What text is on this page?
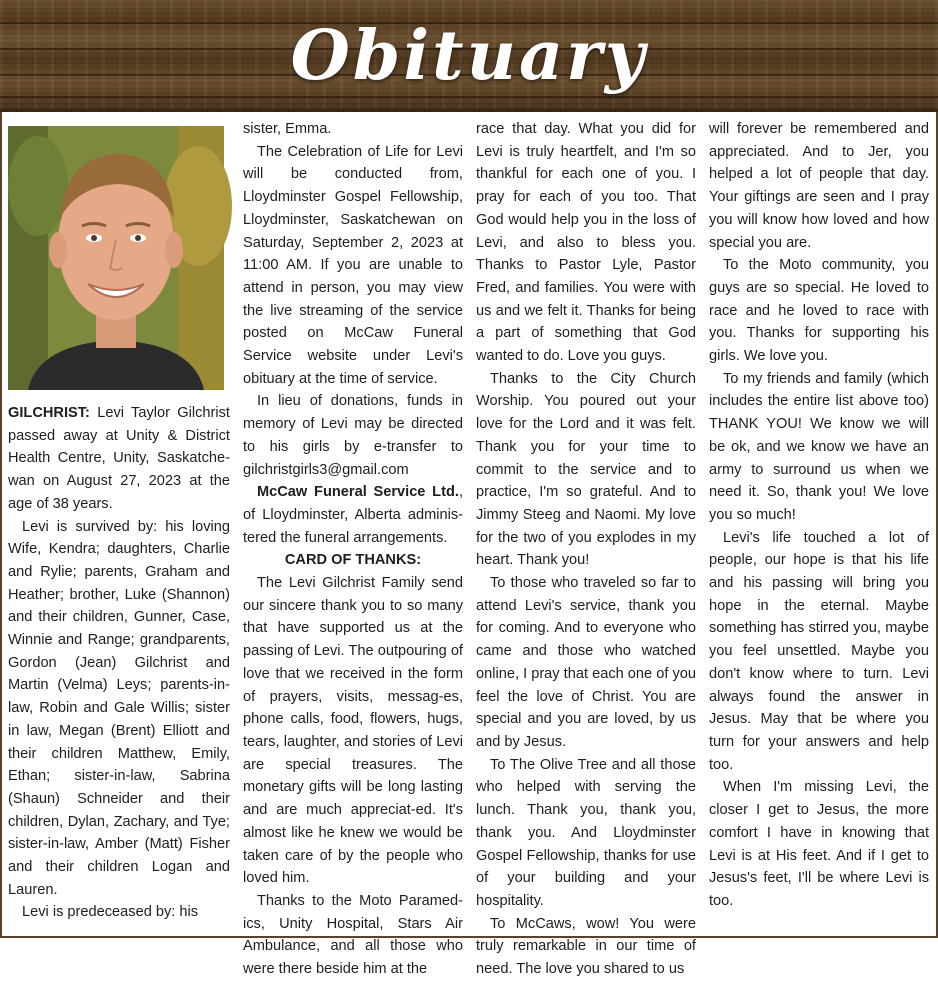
Obituary

GILCHRIST: Levi Taylor Gilchrist passed away at Unity & District Health Centre, Unity, Saskatche-wan on August 27, 2023 at the age of 38 years.

Levi is survived by: his loving Wife, Kendra; daughters, Charlie and Rylie; parents, Graham and Heather; brother, Luke (Shannon) and their children, Gunner, Case, Winnie and Range; grandparents, Gordon (Jean) Gilchrist and Martin (Velma) Leys; parents-in-law, Robin and Gale Willis; sister in law, Megan (Brent) Elliott and their children Matthew, Emily, Ethan; sister-in-law, Sabrina (Shaun) Schneider and their children, Dylan, Zachary, and Tye; sister-in-law, Amber (Matt) Fisher and their children Logan and Lauren.

Levi is predeceased by: his

sister, Emma.

The Celebration of Life for Levi will be conducted from, Lloydminster Gospel Fellowship, Lloydminster, Saskatchewan on Saturday, September 2, 2023 at 11:00 AM. If you are unable to attend in person, you may view the live streaming of the service posted on McCaw Funeral Service website under Levi's obituary at the time of service.

In lieu of donations, funds in memory of Levi may be directed to his girls by e-transfer to gilchristgirls3@gmail.com

McCaw Funeral Service Ltd., of Lloydminster, Alberta adminis-tered the funeral arrangements.

CARD OF THANKS:

The Levi Gilchrist Family send our sincere thank you to so many that have supported us at the passing of Levi. The outpouring of love that we received in the form of prayers, visits, messag-es, phone calls, food, flowers, hugs, tears, laughter, and stories of Levi are special treasures. The monetary gifts will be long lasting and are much appreciat-ed. It's almost like he knew we would be taken care of by the people who loved him.

Thanks to the Moto Paramed-ics, Unity Hospital, Stars Air Ambulance, and all those who were there beside him at the

race that day. What you did for Levi is truly heartfelt, and I'm so thankful for each one of you. I pray for each of you too. That God would help you in the loss of Levi, and also to bless you. Thanks to Pastor Lyle, Pastor Fred, and families. You were with us and we felt it. Thanks for being a part of something that God wanted to do. Love you guys.

Thanks to the City Church Worship. You poured out your love for the Lord and it was felt. Thank you for your time to commit to the service and to practice, I'm so grateful. And to Jimmy Steeg and Naomi. My love for the two of you explodes in my heart. Thank you!

To those who traveled so far to attend Levi's service, thank you for coming. And to everyone who came and those who watched online, I pray that each one of you feel the love of Christ. You are special and you are loved, by us and by Jesus.

To The Olive Tree and all those who helped with serving the lunch. Thank you, thank you, thank you. And Lloydminster Gospel Fellowship, thanks for use of your building and your hospitality.

To McCaws, wow! You were truly remarkable in our time of need. The love you shared to us

will forever be remembered and appreciated. And to Jer, you helped a lot of people that day. Your giftings are seen and I pray you will know how loved and how special you are.

To the Moto community, you guys are so special. He loved to race and he loved to race with you. Thanks for supporting his girls. We love you.

To my friends and family (which includes the entire list above too) THANK YOU! We know we will be ok, and we know we have an army to surround us when we need it. So, thank you! We love you so much!

Levi's life touched a lot of people, our hope is that his life and his passing will bring you hope in the eternal. Maybe something has stirred you, maybe you feel unsettled. Maybe you don't know where to turn. Levi always found the answer in Jesus. May that be where you turn for your answers and help too.

When I'm missing Levi, the closer I get to Jesus, the more comfort I have in knowing that Levi is at His feet. And if I get to Jesus's feet, I'll be where Levi is too.
